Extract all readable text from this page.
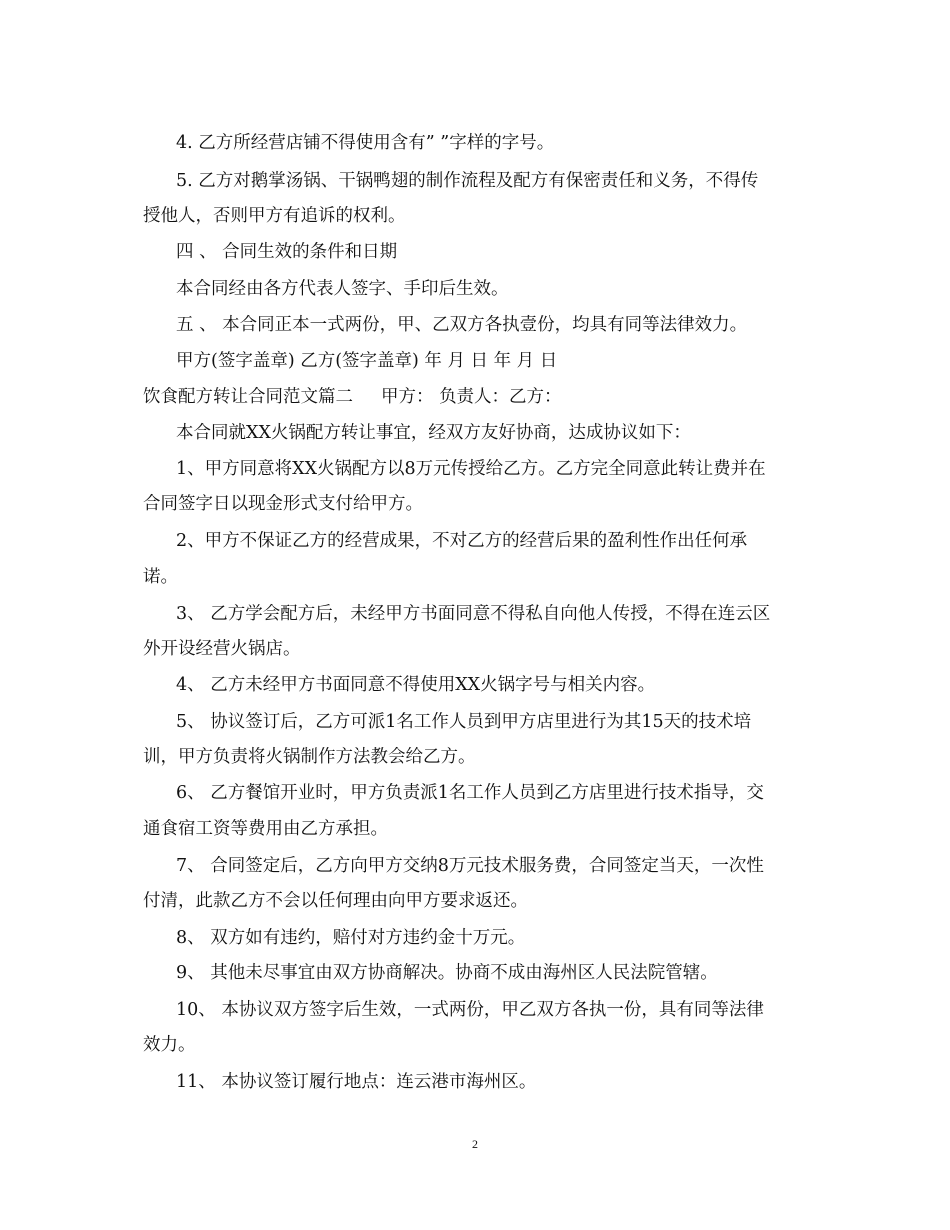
4. 乙方所经营店铺不得使用含有” ”字样的字号。
5. 乙方对鹅掌汤锅、干锅鸭翅的制作流程及配方有保密责任和义务，不得传
授他人，否则甲方有追诉的权利。
四 、 合同生效的条件和日期
本合同经由各方代表人签字、手印后生效。
五 、 本合同正本一式两份，甲、乙双方各执壹份，均具有同等法律效力。
甲方(签字盖章) 乙方(签字盖章) 年 月 日 年 月 日
饮食配方转让合同范文篇二 甲方： 负责人：乙方：
本合同就XX火锅配方转让事宜，经双方友好协商，达成协议如下：
1、甲方同意将XX火锅配方以8万元传授给乙方。乙方完全同意此转让费并在
合同签字日以现金形式支付给甲方。
2、甲方不保证乙方的经营成果，不对乙方的经营后果的盈利性作出任何承
诺。
3、 乙方学会配方后，未经甲方书面同意不得私自向他人传授，不得在连云区
外开设经营火锅店。
4、 乙方未经甲方书面同意不得使用XX火锅字号与相关内容。
5、 协议签订后，乙方可派1名工作人员到甲方店里进行为其15天的技术培
训，甲方负责将火锅制作方法教会给乙方。
6、 乙方餐馆开业时，甲方负责派1名工作人员到乙方店里进行技术指导，交
通食宿工资等费用由乙方承担。
7、 合同签定后，乙方向甲方交纳8万元技术服务费，合同签定当天，一次性
付清，此款乙方不会以任何理由向甲方要求返还。
8、 双方如有违约，赔付对方违约金十万元。
9、 其他未尽事宜由双方协商解决。协商不成由海州区人民法院管辖。
10、 本协议双方签字后生效，一式两份，甲乙双方各执一份，具有同等法律
效力。
11、 本协议签订履行地点：连云港市海州区。
2
